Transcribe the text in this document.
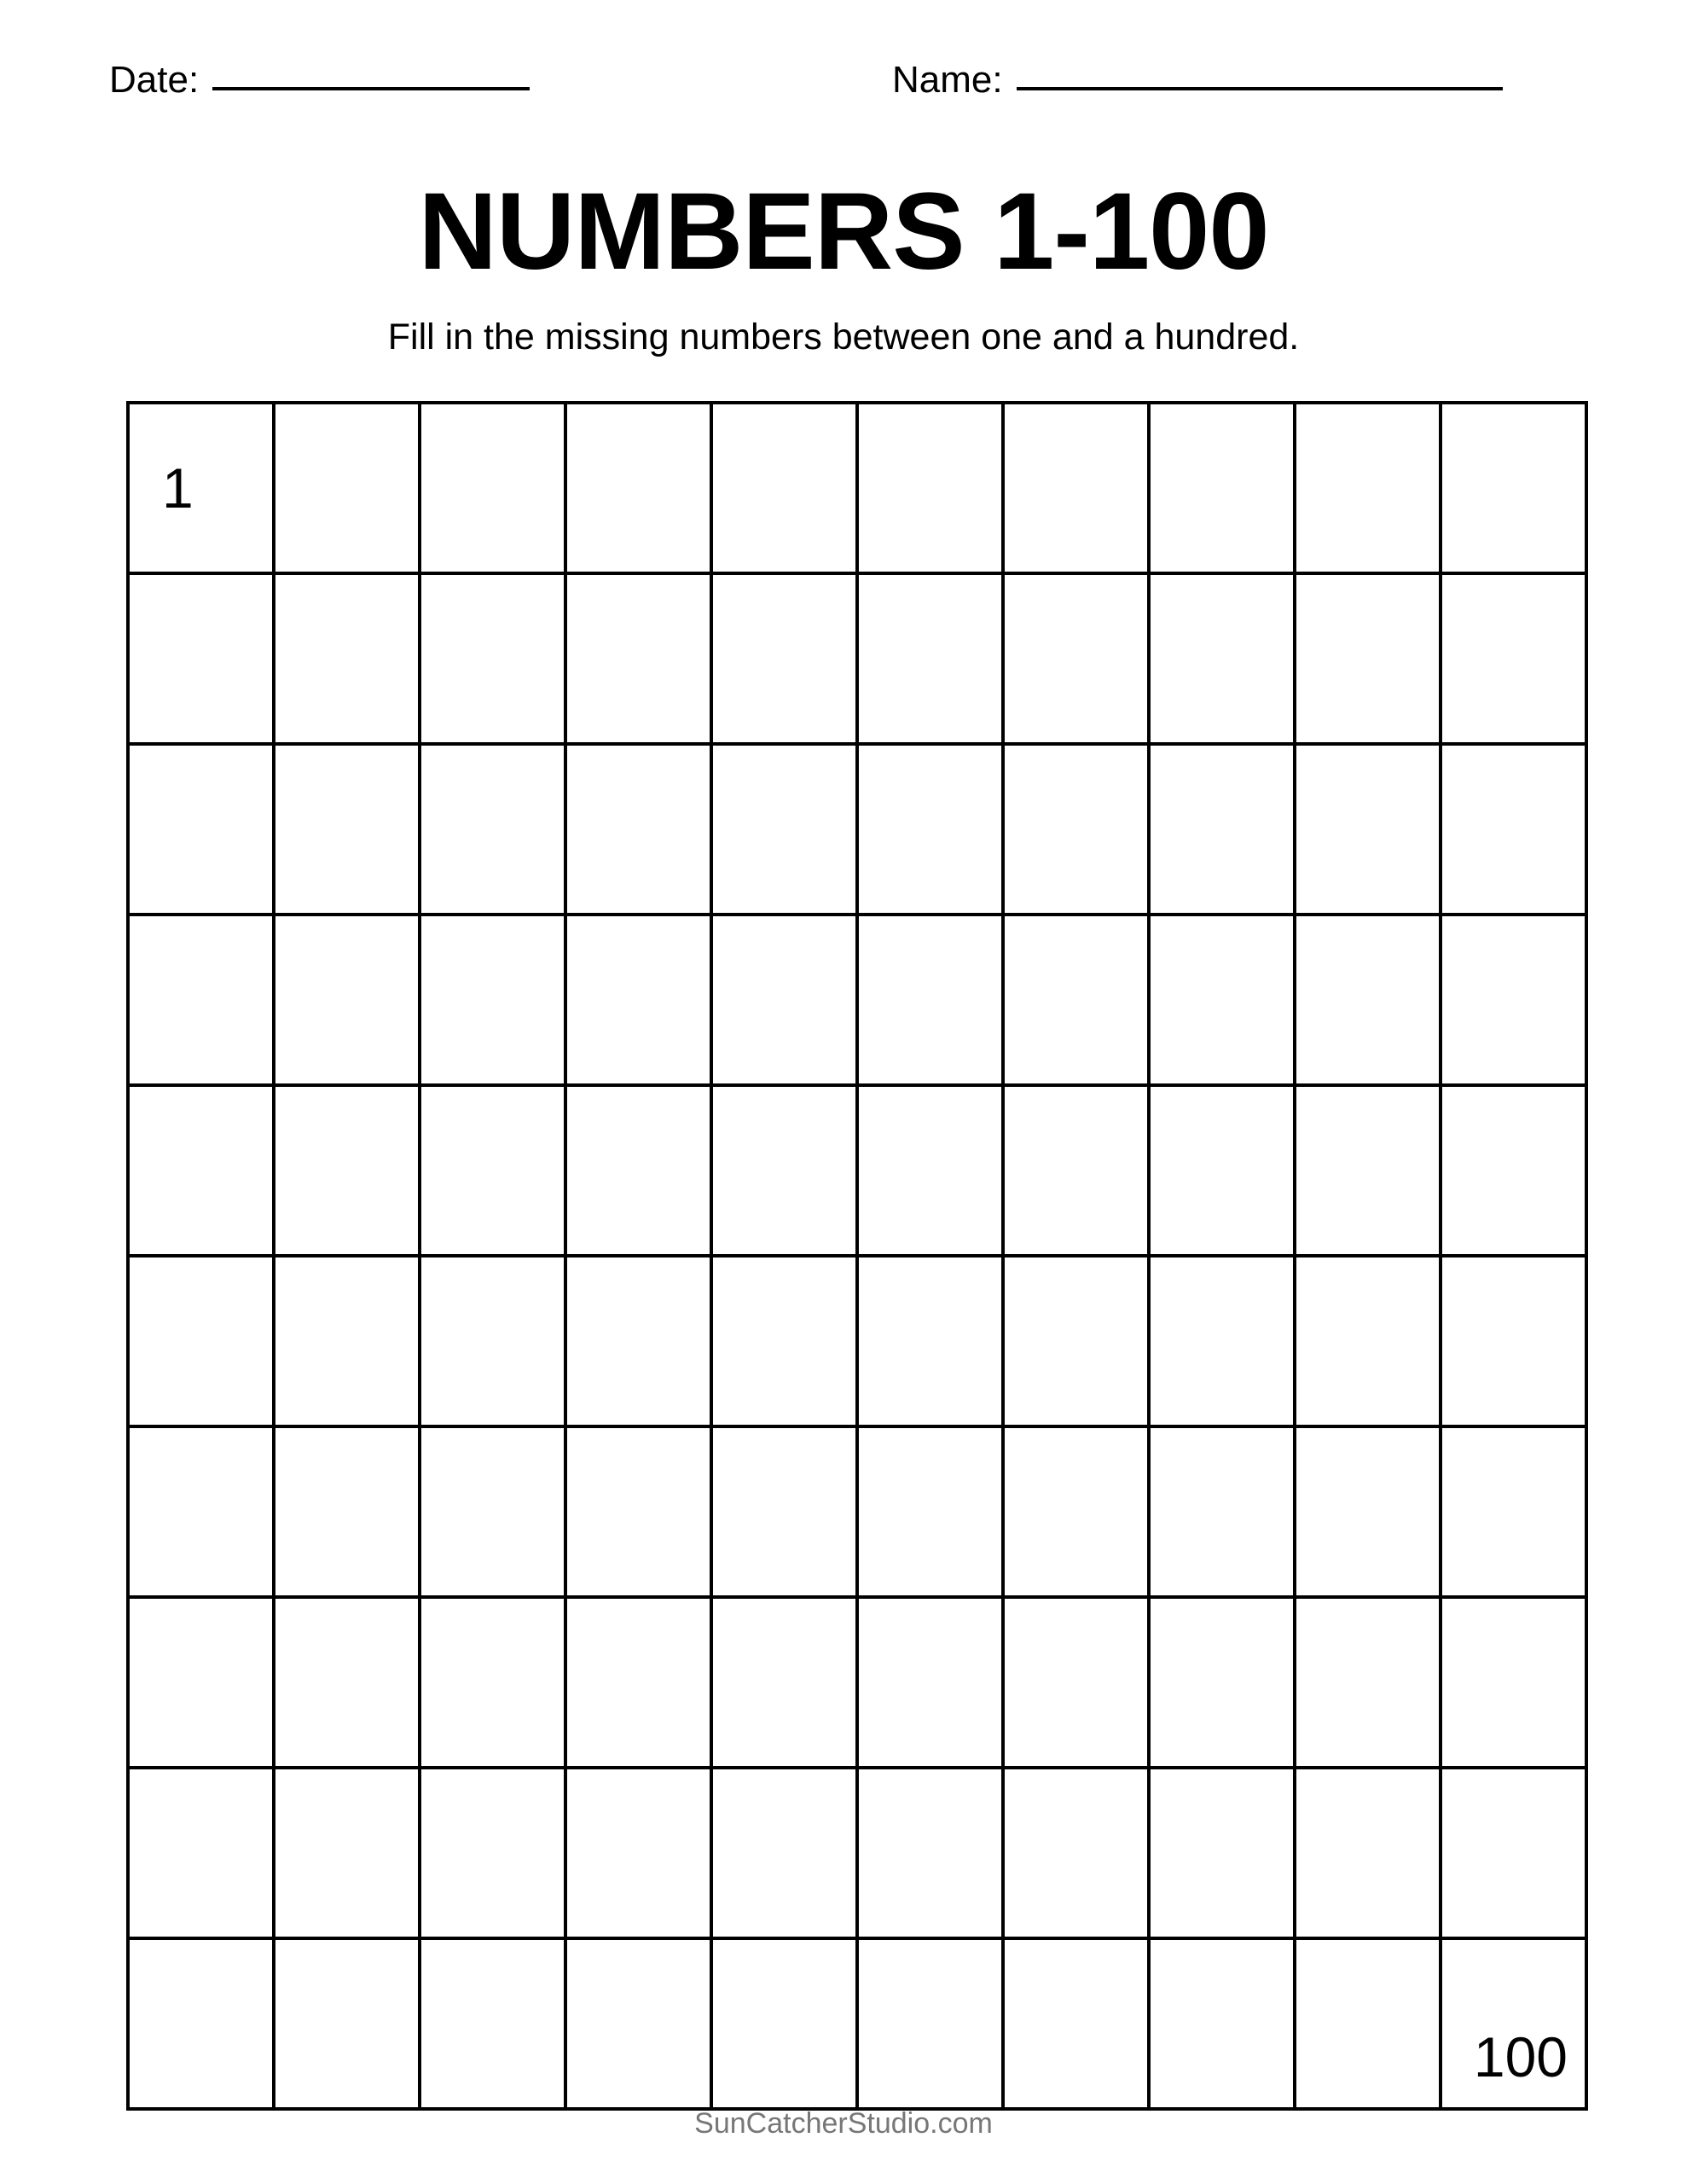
Date:	Name:
NUMBERS 1-100
Fill in the missing numbers between one and a hundred.
1									

									100
SunCatcherStudio.com
